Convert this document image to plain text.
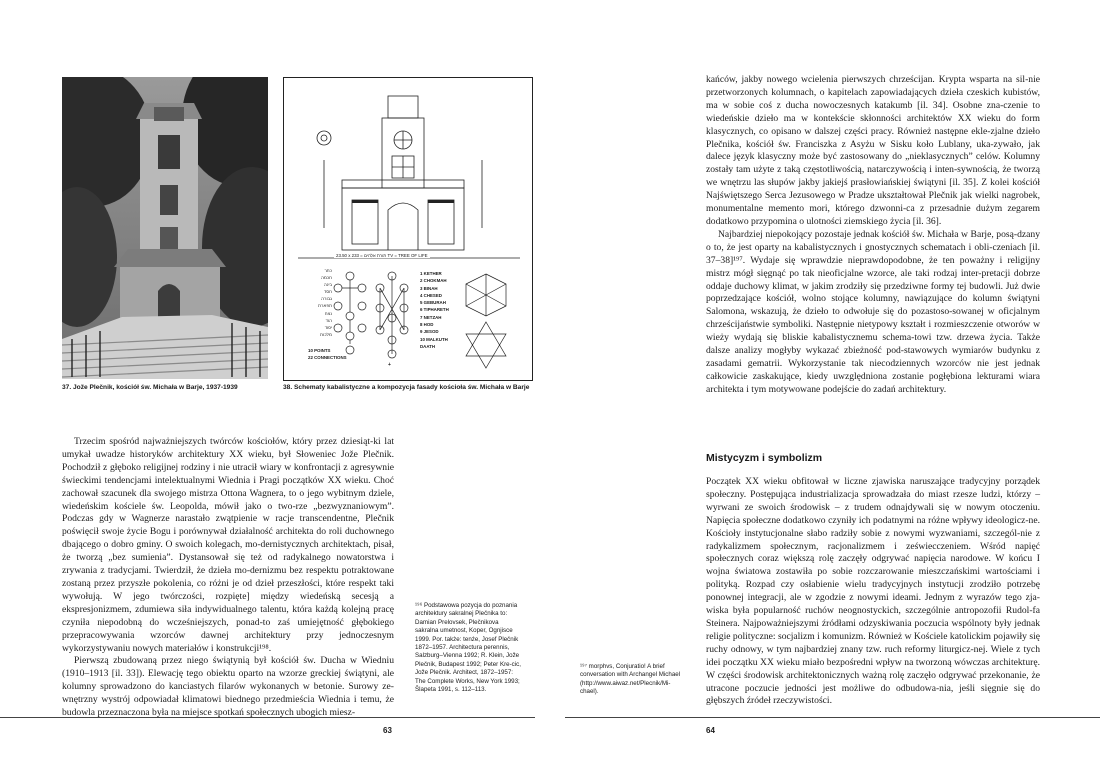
37. Jože Plečnik, kościół św. Michała w Barje, 1937-1939
23.50 x 233 = תורת אלהים TV = TREE OF LIFE
כתר
חכמה
בינה
חסד
גבורה
תפארת
נצח
הוד
יסוד
מלכות
1 KETHER
2 CHOKMAH
3 BINAH
4 CHESED
5 GEBURAH
6 TIPHARETH
7 NETZAH
8 HOD
9 JESOD
10 MALKUTH
DAATH
10 POINTS
22 CONNECTIONS
+
38. Schematy kabalistyczne a kompozycja fasady kościoła św. Michała w Barje

Trzecim spośród najważniejszych twórców kościołów, który przez dziesiąt-ki lat umykał uwadze historyków architektury XX wieku, był Słoweniec Jože Plečnik. Pochodził z głęboko religijnej rodziny i nie utracił wiary w konfrontacji z agresywnie świeckimi tendencjami intelektualnymi Wiednia i Pragi początków XX wieku. Choć zachował szacunek dla swojego mistrza Ottona Wagnera, to o jego wybitnym dziele, wiedeńskim kościele św. Leopolda, mówił jako o two-rze „bezwyznaniowym”. Podczas gdy w Wagnerze narastało zwątpienie w racje transcendentne, Plečnik poświęcił swoje życie Bogu i porównywał działalność architekta do roli duchownego dbającego o dobro gminy. O swoich kolegach, mo-dernistycznych architektach, pisał, że tworzą „bez sumienia”. Dystansował się też od radykalnego nowatorstwa i zrywania z tradycjami. Twierdził, że dzieła mo-dernizmu bez respektu potraktowane zostaną przez przyszłe pokolenia, co różni je od dzieł przeszłości, które respekt taki wywołują. W jego twórczości, rozpięte] między wiedeńską secesją a ekspresjonizmem, zdumiewa siła indywidualnego talentu, która każdą kolejną pracę czyniła niepodobną do wcześniejszych, ponad-to zaś umiejętność głębokiego przepracowywania wzorców dawnej architektury przy jednoczesnym wykorzystywaniu nowych materiałów i konstrukcji¹⁹⁸.

Pierwszą zbudowaną przez niego świątynią był kościół św. Ducha w Wiedniu (1910–1913 [il. 33]). Elewację tego obiektu oparto na wzorze greckiej świątyni, ale kolumny sprowadzono do kanciastych filarów wykonanych w betonie. Surowy ze-wnętrzny wystrój odpowiadał klimatowi biednego przedmieścia Wiednia i temu, że budowla przeznaczona była na miejsce spotkań społecznych ubogich miesz-

¹⁹⁶ Podstawowa pozycja do poznania architektury sakralnej Plečnika to: Damian Prelovsek, Plečnikova sakralna umetnost, Koper, Ognjisce 1999. Por. także: tenże, Josef Plečnik 1872–1957. Architectura perennis, Salzburg–Vienna 1992; R. Klein, Jože Plečnik, Budapest 1992; Peter Kre-cic, Jože Plečnik. Architect, 1872–1957: The Complete Works, New York 1993; Šlapeta 1991, s. 112–113.
¹⁹⁷ morphvs, Conjuratio! A brief conversation with Archangel Michael (http://www.aiwaz.net/Plecnik/Mi-chael).
63

kańców, jakby nowego wcielenia pierwszych chrześcijan. Krypta wsparta na sil-nie przetworzonych kolumnach, o kapitelach zapowiadających dzieła czeskich kubistów, ma w sobie coś z ducha nowoczesnych katakumb [il. 34]. Osobne zna-czenie to wiedeńskie dzieło ma w kontekście skłonności architektów XX wieku do form klasycznych, co opisano w dalszej części pracy. Również następne ekle-zjalne dzieło Plečnika, kościół św. Franciszka z Asyżu w Sisku koło Lublany, uka-zywało, jak dalece język klasyczny może być zastosowany do „nieklasycznych” celów. Kolumny zostały tam użyte z taką częstotliwością, natarczywością i inten-sywnością, że tworzą we wnętrzu las słupów jakby jakiejś prasłowiańskiej świątyni [il. 35]. Z kolei kościół Najświętszego Serca Jezusowego w Pradze ukształtował Plečnik jak wielki nagrobek, monumentalne memento mori, którego dzwonni-ca z przesadnie dużym zegarem dodatkowo przypomina o ulotności ziemskiego życia [il. 36].

Najbardziej niepokojący pozostaje jednak kościół św. Michała w Barje, posą-dzany o to, że jest oparty na kabalistycznych i gnostycznych schematach i obli-czeniach [il. 37–38]¹⁹⁷. Wydaje się wprawdzie nieprawdopodobne, że ten poważny i religijny mistrz mógł sięgnąć po tak nieoficjalne wzorce, ale taki rodzaj inter-pretacji dobrze oddaje duchowy klimat, w jakim zrodziły się przedziwne formy tej budowli. Już dwie poprzedzające kościół, wolno stojące kolumny, nawiązujące do kolumn świątyni Salomona, wskazują, że dzieło to odwołuje się do pozastoso-sowanej w oficjalnym chrześcijaństwie symboliki. Następnie nietypowy kształt i rozmieszczenie otworów w wieży wydają się bliskie kabalistycznemu schema-towi tzw. drzewa życia. Także dalsze analizy mogłyby wykazać zbieżność pod-stawowych wymiarów budynku z zasadami gematrii. Wykorzystanie tak niecodziennych wzorców nie jest jednak całkowicie zaskakujące, kiedy uwzględniona zostanie pogłębiona lekturami wiara architekta i tym motywowane podejście do zadań architektury.

Mistycyzm i symbolizm

Początek XX wieku obfitował w liczne zjawiska naruszające tradycyjny porządek społeczny. Postępująca industrializacja sprowadzała do miast rzesze ludzi, którzy – wyrwani ze swoich środowisk – z trudem odnajdywali się w nowym otoczeniu. Napięcia społeczne dodatkowo czyniły ich podatnymi na różne wpływy ideologicz-ne. Kościoły instytucjonalne słabo radziły sobie z nowymi wyzwaniami, szczegól-nie z radykalizmem społecznym, racjonalizmem i zeświecczeniem. Wśród napięć społecznych coraz większą rolę zaczęły odgrywać napięcia narodowe. W końcu I wojna światowa zostawiła po sobie rozczarowanie mieszczańskimi wartościami i polityką. Rozpad czy osłabienie wielu tradycyjnych instytucji zrodziło potrzebę ponownej integracji, ale w zgodzie z nowymi ideami. Jednym z wyrazów tego zja-wiska była popularność ruchów neognostyckich, szczególnie antropozofii Rudol-fa Steinera. Najpoważniejszymi źródłami odzyskiwania poczucia wspólnoty były jednak religie polityczne: socjalizm i komunizm. Również w Kościele katolickim pojawiły się ruchy odnowy, w tym najbardziej znany tzw. ruch reformy liturgicz-nej. Wiele z tych idei początku XX wieku miało bezpośredni wpływ na tworzoną wówczas architekturę. W części środowisk architektonicznych ważną rolę zaczęło odgrywać przekonanie, że utracone poczucie jedności jest możliwe do odbudowa-nia, jeśli sięgnie się do głębszych źródeł rzeczywistości.

64
